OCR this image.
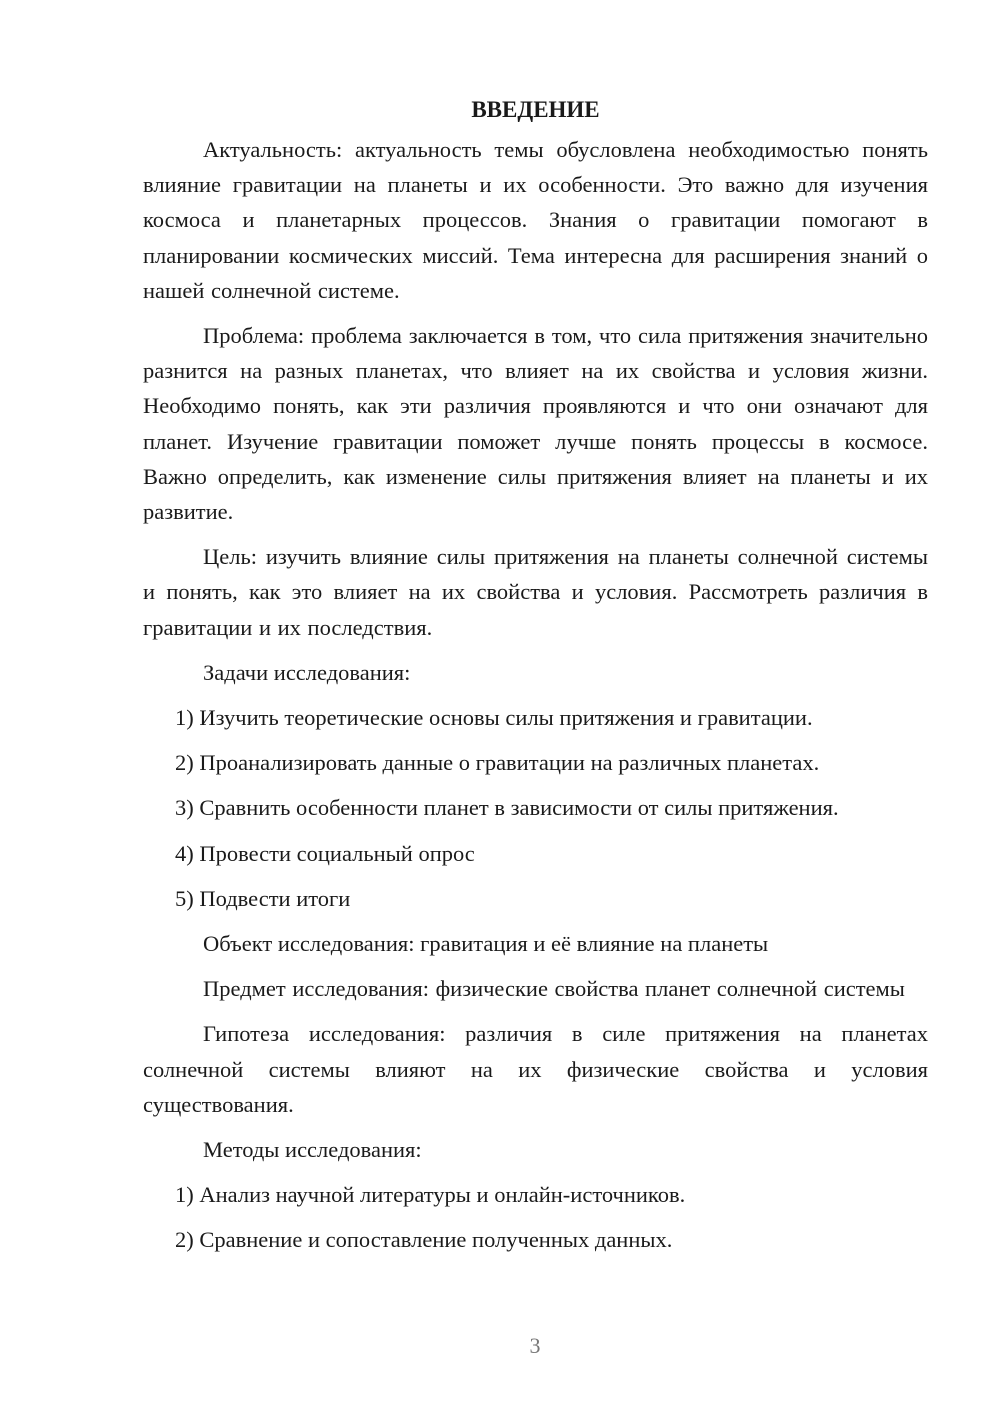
ВВЕДЕНИЕ

Актуальность: актуальность темы обусловлена необходимостью понять влияние гравитации на планеты и их особенности. Это важно для изучения космоса и планетарных процессов. Знания о гравитации помогают в планировании космических миссий. Тема интересна для расширения знаний о нашей солнечной системе.

Проблема: проблема заключается в том, что сила притяжения значительно разнится на разных планетах, что влияет на их свойства и условия жизни. Необходимо понять, как эти различия проявляются и что они означают для планет. Изучение гравитации поможет лучше понять процессы в космосе. Важно определить, как изменение силы притяжения влияет на планеты и их развитие.

Цель: изучить влияние силы притяжения на планеты солнечной системы и понять, как это влияет на их свойства и условия. Рассмотреть различия в гравитации и их последствия.

Задачи исследования:

1) Изучить теоретические основы силы притяжения и гравитации.
2) Проанализировать данные о гравитации на различных планетах.
3) Сравнить особенности планет в зависимости от силы притяжения.
4) Провести социальный опрос
5) Подвести итоги

Объект исследования: гравитация и её влияние на планеты

Предмет исследования: физические свойства планет солнечной системы

Гипотеза исследования: различия в силе притяжения на планетах солнечной системы влияют на их физические свойства и условия существования.

Методы исследования:

1) Анализ научной литературы и онлайн-источников.
2) Сравнение и сопоставление полученных данных.
3
